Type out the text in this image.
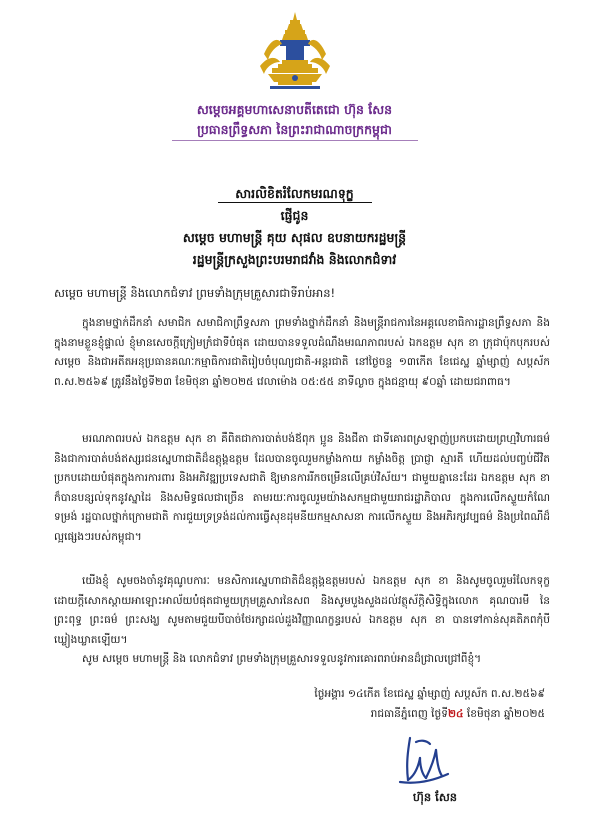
សម្តេចអគ្គមហាសេនាបតីតេជោ ហ៊ុន សែន
ប្រធានព្រឹទ្ធសភា នៃព្រះរាជាណាចក្រកម្ពុជា
សារលិខិតរំលែកមរណទុក្ខ
ផ្ញើជូន
សម្តេច មហាមន្ត្រី គុយ សុផល ឧបនាយករដ្ឋមន្ត្រី
រដ្ឋមន្ត្រីក្រសួងព្រះបរមរាជវាំង និងលោកជំទាវ
សម្តេច មហាមន្ត្រី និងលោកជំទាវ ព្រមទាំងក្រុមគ្រួសារជាទីរាប់អាន!
ក្នុងនាមថ្នាក់ដឹកនាំ សមាជិក សមាជិកាព្រឹទ្ធសភា ព្រមទាំងថ្នាក់ដឹកនាំ និងមន្ត្រីរាជការនៃអគ្គលេខាធិការដ្ឋានព្រឹទ្ធសភា និងក្នុងនាមខ្លួនខ្ញុំផ្ទាល់ ខ្ញុំមានសេចក្តីក្រៀមក្រំជាទីបំផុត ដោយបានទទួលដំណឹងមរណភាពរបស់ ឯកឧត្តម សុក ខា ក្រុជាប៉ុកបុករបស់ សម្តេច និងជាអតីតអនុប្រធានគណៈកម្មាធិការជាតិរៀបចំបុណ្យជាតិ-អន្តរជាតិ នៅថ្ងៃចន្ទ ១៣កើត ខែជេស្ឋ ឆ្នាំម្សាញ់ សប្តស័ក ព.ស.២៥៦៩ ត្រូវនឹងថ្ងៃទី២៣ ខែមិថុនា ឆ្នាំ២០២៥ វេលាម៉ោង ០៥:៥៥ នាទីល្ងាច ក្នុងជន្មាយុ ៩០ឆ្នាំ ដោយជរាពាធ។
មរណភាពរបស់ ឯកឧត្តម សុក ខា គឺពិតជាការបាត់បង់ឪពុក ប្អូន និងជីតា ជាទីគោរពស្រឡាញ់ប្រកបដោយព្រហ្មវិហារធម៌ និងជាការបាត់បង់ឥស្សរជនស្នេហាជាតិដ៏ឧត្តុង្គឧត្តម ដែលបានចូលរួមកម្លាំងកាយ កម្លាំងចិត្ត ប្រាជ្ញា ស្មារតី ហើយដល់បញ្ចប់ជីវិត ប្រកបដោយបំផុតក្នុងការការពារ និងអភិវឌ្ឍប្រទេសជាតិ ឱ្យមានការរីកចម្រើនលើគ្រប់វិស័យ។ ជាមួយគ្នានេះដែរ ឯកឧត្តម សុក ខា ក៏បានបន្សល់ទុកនូវស្នាដៃ និងសមិទ្ធផលជាច្រើន តាមរយៈការចូលរួមយ៉ាងសកម្មជាមួយរាជរដ្ឋាភិបាល ក្នុងការលើកស្ទួយកំណែទម្រង់ រដ្ឋបាលថ្នាក់ក្រោមជាតិ ការជួយទ្រទ្រង់ដល់ការធ្វើសុខដុមនីយកម្មសាសនា ការលើកស្ទួយ និងអភិរក្សវប្បធម៌ និងប្រពៃណីដ៏ល្អផ្សេងៗរបស់កម្ពុជា។
យើងខ្ញុំ សូមចងចាំនូវគុណូបការៈ មនសិការស្នេហាជាតិដ៏ឧត្តុង្គឧត្តមរបស់ ឯកឧត្តម សុក ខា និងសូមចូលរួមរំលែកទុក្ខដោយក្តីសោកស្តាយអាឡោះអាល័យបំផុតជាមួយក្រុមគ្រួសារនៃសព និងសូមបួងសួងដល់វត្ថុស័ក្តិសិទ្ធិក្នុងលោក គុណបារមី នៃព្រះពុទ្ធ ព្រះធម៌ ព្រះសង្ឃ សូមតាមជួយបីបាច់ថែរក្សាដល់ដួងវិញ្ញាណក្ខន្ធរបស់ ឯកឧត្តម សុក ខា បានទៅកាន់សុគតិភពកុំបីឃ្លៀងឃ្លាតឡើយ។
សូម សម្តេច មហាមន្ត្រី និង លោកជំទាវ ព្រមទាំងក្រុមគ្រួសារទទួលនូវការគោរពរាប់អានដ៏ជ្រាលជ្រៅពីខ្ញុំ។
ថ្ងៃអង្គារ ១៤កើត ខែជេស្ឋ ឆ្នាំម្សាញ់ សប្តស័ក ព.ស.២៥៦៩
រាជធានីភ្នំពេញ ថ្ងៃទី២៤ ខែមិថុនា ឆ្នាំ២០២៥
ហ៊ុន សែន
